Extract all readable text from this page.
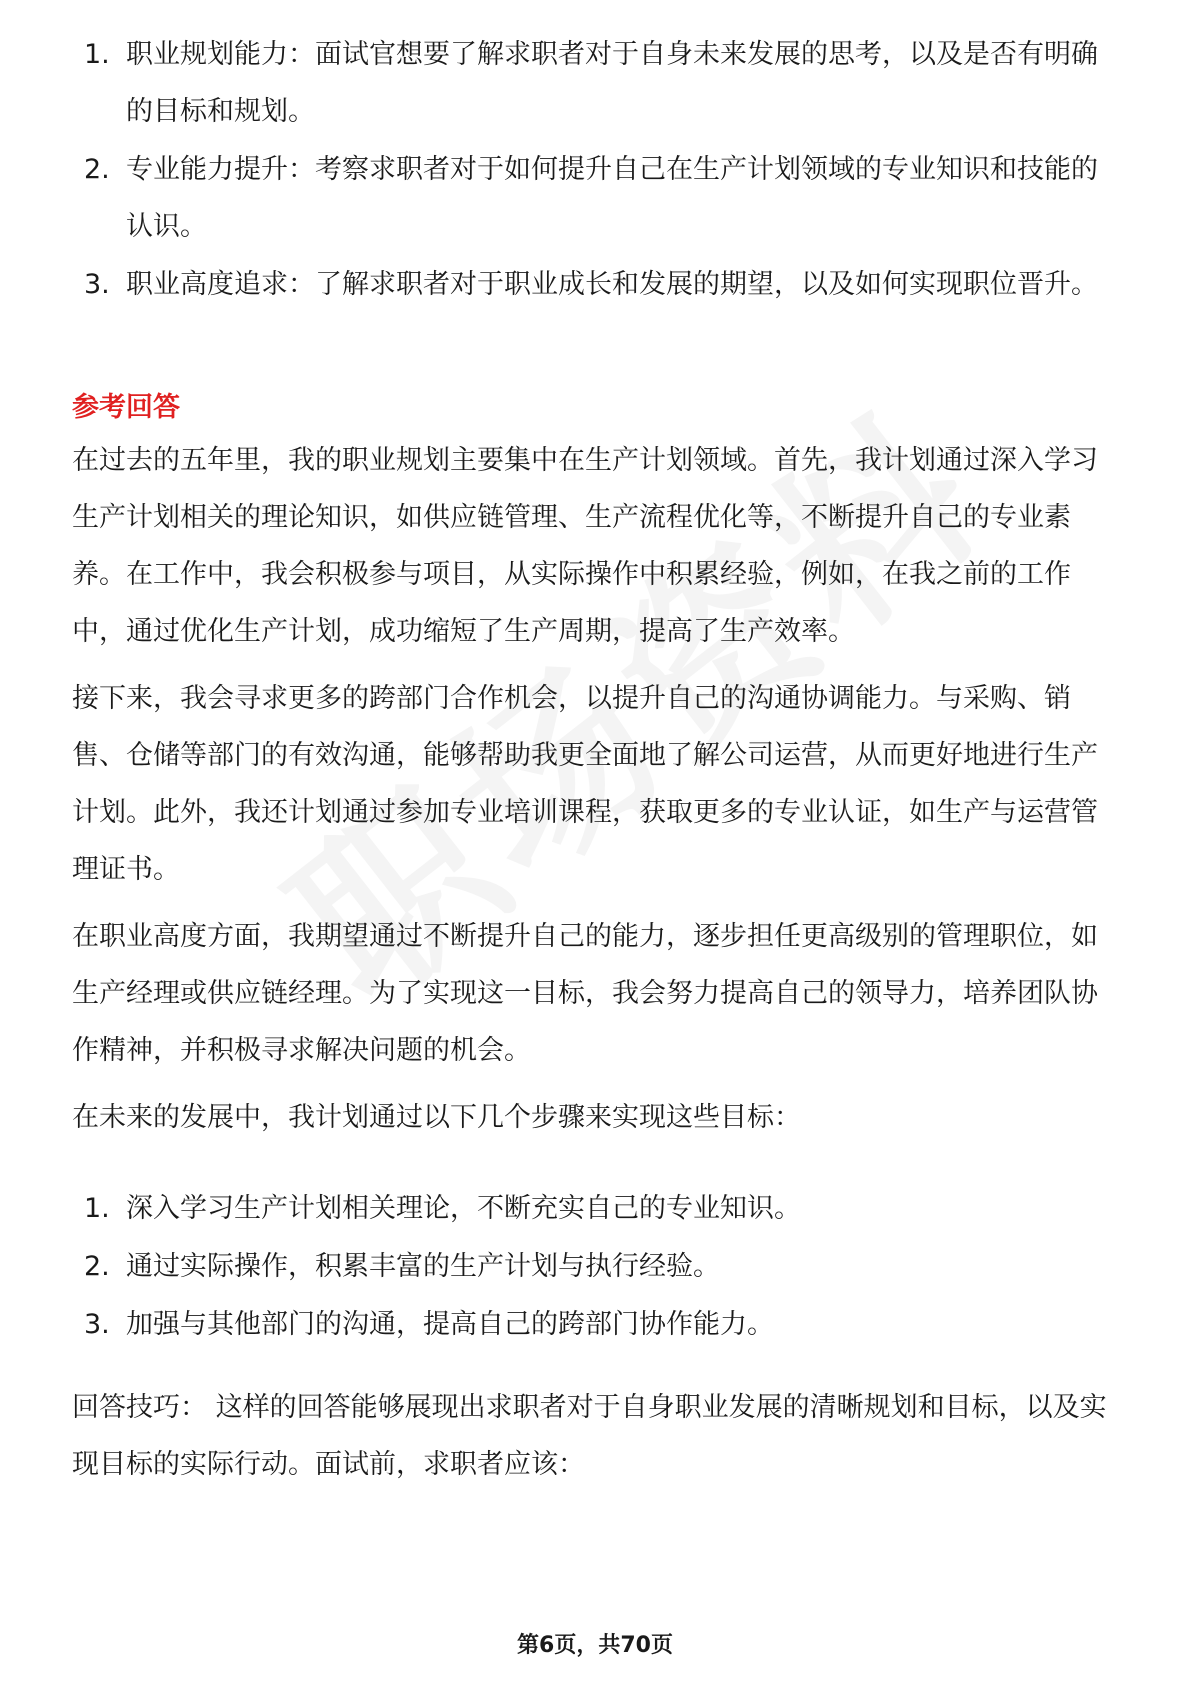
1. 职业规划能力：面试官想要了解求职者对于自身未来发展的思考，以及是否有明确的目标和规划。
2. 专业能力提升：考察求职者对于如何提升自己在生产计划领域的专业知识和技能的认识。
3. 职业高度追求：了解求职者对于职业成长和发展的期望，以及如何实现职位晋升。
参考回答

在过去的五年里，我的职业规划主要集中在生产计划领域。首先，我计划通过深入学习生产计划相关的理论知识，如供应链管理、生产流程优化等，不断提升自己的专业素养。在工作中，我会积极参与项目，从实际操作中积累经验，例如，在我之前的工作中，通过优化生产计划，成功缩短了生产周期，提高了生产效率。

接下来，我会寻求更多的跨部门合作机会，以提升自己的沟通协调能力。与采购、销售、仓储等部门的有效沟通，能够帮助我更全面地了解公司运营，从而更好地进行生产计划。此外，我还计划通过参加专业培训课程，获取更多的专业认证，如生产与运营管理证书。

在职业高度方面，我期望通过不断提升自己的能力，逐步担任更高级别的管理职位，如生产经理或供应链经理。为了实现这一目标，我会努力提高自己的领导力，培养团队协作精神，并积极寻求解决问题的机会。

在未来的发展中，我计划通过以下几个步骤来实现这些目标：

1. 深入学习生产计划相关理论，不断充实自己的专业知识。
2. 通过实际操作，积累丰富的生产计划与执行经验。
3. 加强与其他部门的沟通，提高自己的跨部门协作能力。

回答技巧： 这样的回答能够展现出求职者对于自身职业发展的清晰规划和目标，以及实现目标的实际行动。面试前，求职者应该：

第6页，共70页
